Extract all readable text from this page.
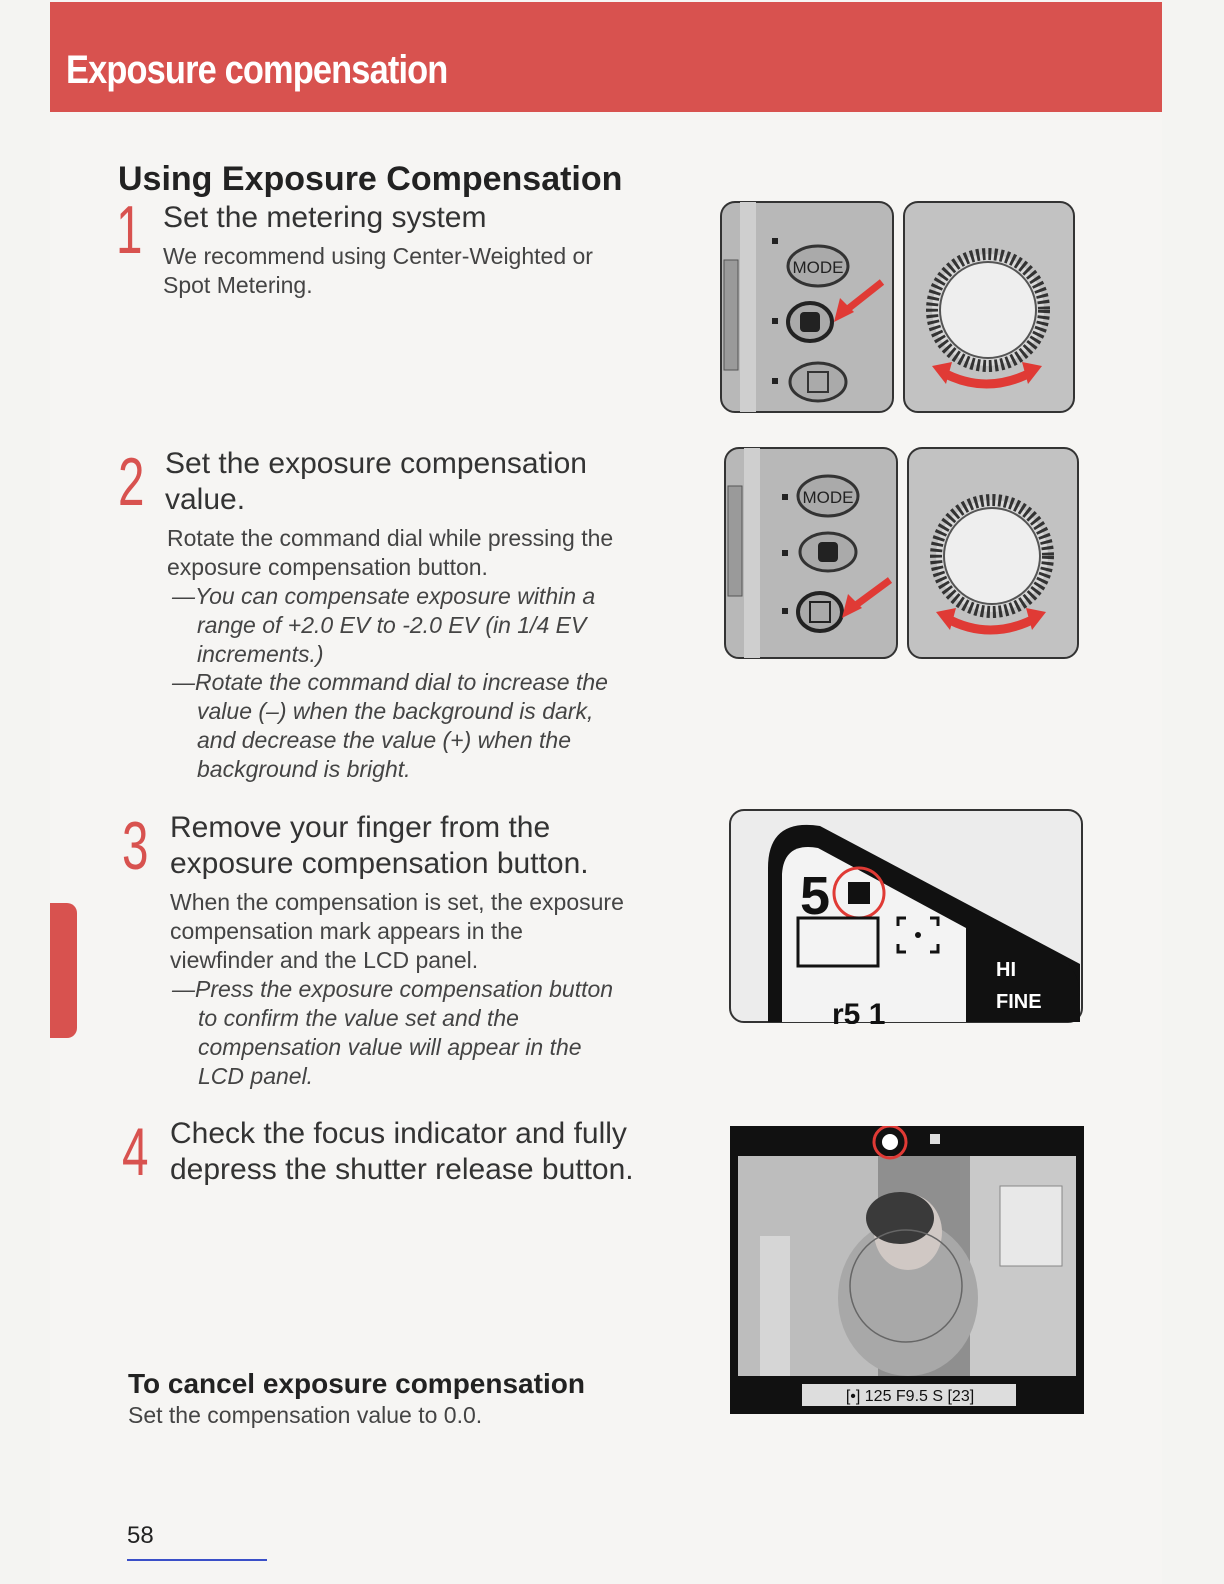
Exposure compensation
Using Exposure Compensation
1 Set the metering system
We recommend using Center-Weighted or
Spot Metering.
2 Set the exposure compensation
value.
Rotate the command dial while pressing the
exposure compensation button.
—You can compensate exposure within a
range of +2.0 EV to -2.0 EV (in 1/4 EV
increments.)
—Rotate the command dial to increase the
value (–) when the background is dark,
and decrease the value (+) when the
background is bright.
3 Remove your finger from the
exposure compensation button.
When the compensation is set, the exposure
compensation mark appears in the
viewfinder and the LCD panel.
—Press the exposure compensation button
to confirm the value set and the
compensation value will appear in the
LCD panel.
4 Check the focus indicator and fully
depress the shutter release button.
To cancel exposure compensation
Set the compensation value to 0.0.
58
MODE
MODE
5
r5 1
HI
FINE
[•] 125 F9.5 S [23]
